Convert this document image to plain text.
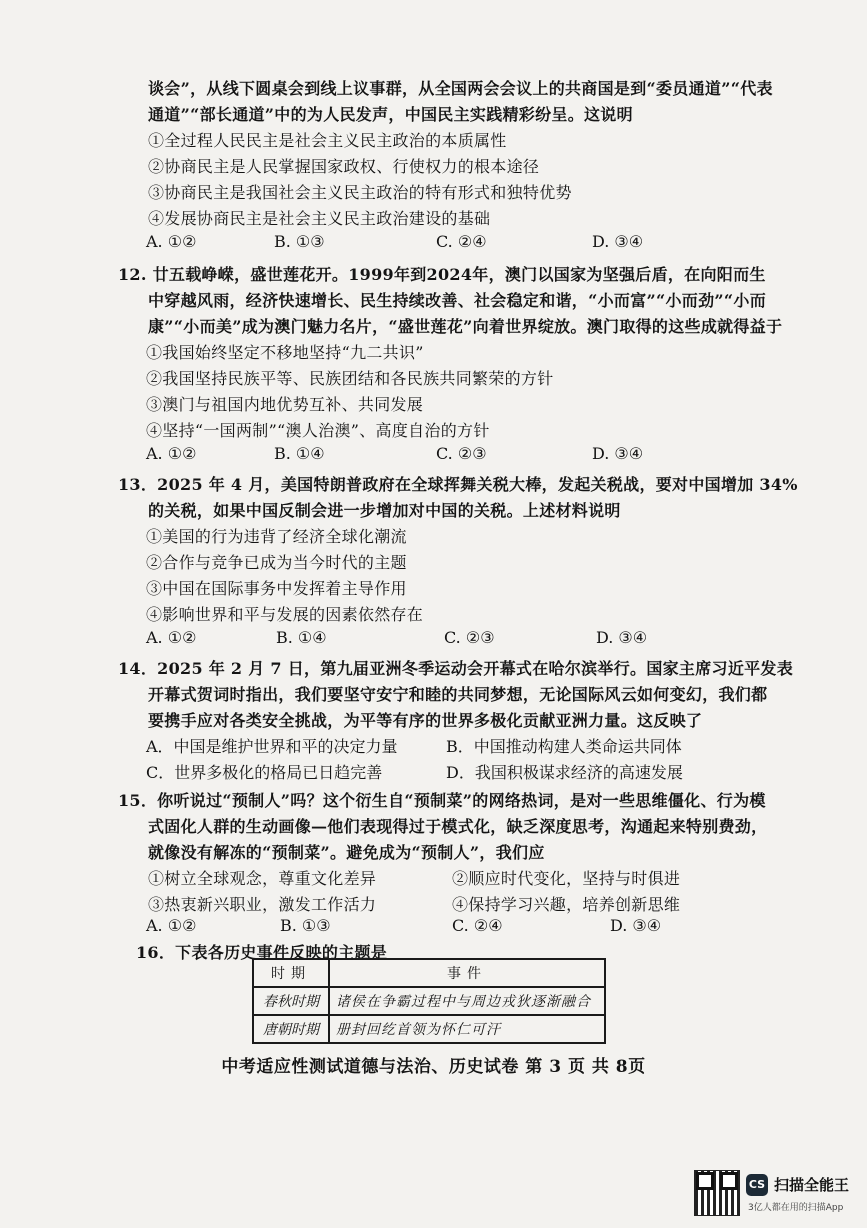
谈会”，从线下圆桌会到线上议事群，从全国两会会议上的共商国是到“委员通道”“代表
通道”“部长通道”中的为人民发声，中国民主实践精彩纷呈。这说明
①全过程人民民主是社会主义民主政治的本质属性
②协商民主是人民掌握国家政权、行使权力的根本途径
③协商民主是我国社会主义民主政治的特有形式和独特优势
④发展协商民主是社会主义民主政治建设的基础
A. ①②	B. ①③	C. ②④	D. ③④
12. 廿五载峥嵘，盛世莲花开。1999年到2024年，澳门以国家为坚强后盾，在向阳而生
中穿越风雨，经济快速增长、民生持续改善、社会稳定和谐，“小而富”“小而劲”“小而
康”“小而美”成为澳门魅力名片，“盛世莲花”向着世界绽放。澳门取得的这些成就得益于
①我国始终坚定不移地坚持“九二共识”
②我国坚持民族平等、民族团结和各民族共同繁荣的方针
③澳门与祖国内地优势互补、共同发展
④坚持“一国两制”“澳人治澳”、高度自治的方针
A. ①②	B. ①④	C. ②③	D. ③④
13．2025 年 4 月，美国特朗普政府在全球挥舞关税大棒，发起关税战，要对中国增加 34%
的关税，如果中国反制会进一步增加对中国的关税。上述材料说明
①美国的行为违背了经济全球化潮流
②合作与竞争已成为当今时代的主题
③中国在国际事务中发挥着主导作用
④影响世界和平与发展的因素依然存在
A. ①②	B. ①④	C. ②③	D. ③④
14．2025 年 2 月 7 日，第九届亚洲冬季运动会开幕式在哈尔滨举行。国家主席习近平发表
开幕式贺词时指出，我们要坚守安宁和睦的共同梦想，无论国际风云如何变幻，我们都
要携手应对各类安全挑战，为平等有序的世界多极化贡献亚洲力量。这反映了
A．中国是维护世界和平的决定力量	B．中国推动构建人类命运共同体
C．世界多极化的格局已日趋完善	D．我国积极谋求经济的高速发展
15．你听说过“预制人”吗？这个衍生自“预制菜”的网络热词，是对一些思维僵化、行为模
式固化人群的生动画像—他们表现得过于模式化，缺乏深度思考，沟通起来特别费劲，
就像没有解冻的“预制菜”。避免成为“预制人”，我们应
①树立全球观念，尊重文化差异	②顺应时代变化，坚持与时俱进
③热衷新兴职业，激发工作活力	④保持学习兴趣，培养创新思维
A. ①②	B. ①③	C. ②④	D. ③④
16．下表各历史事件反映的主题是
时期	事件
春秋时期	诸侯在争霸过程中与周边戎狄逐渐融合
唐朝时期	册封回纥首领为怀仁可汗
中考适应性测试道德与法治、历史试卷 第 3 页 共 8页
CS 扫描全能王
3亿人都在用的扫描App
